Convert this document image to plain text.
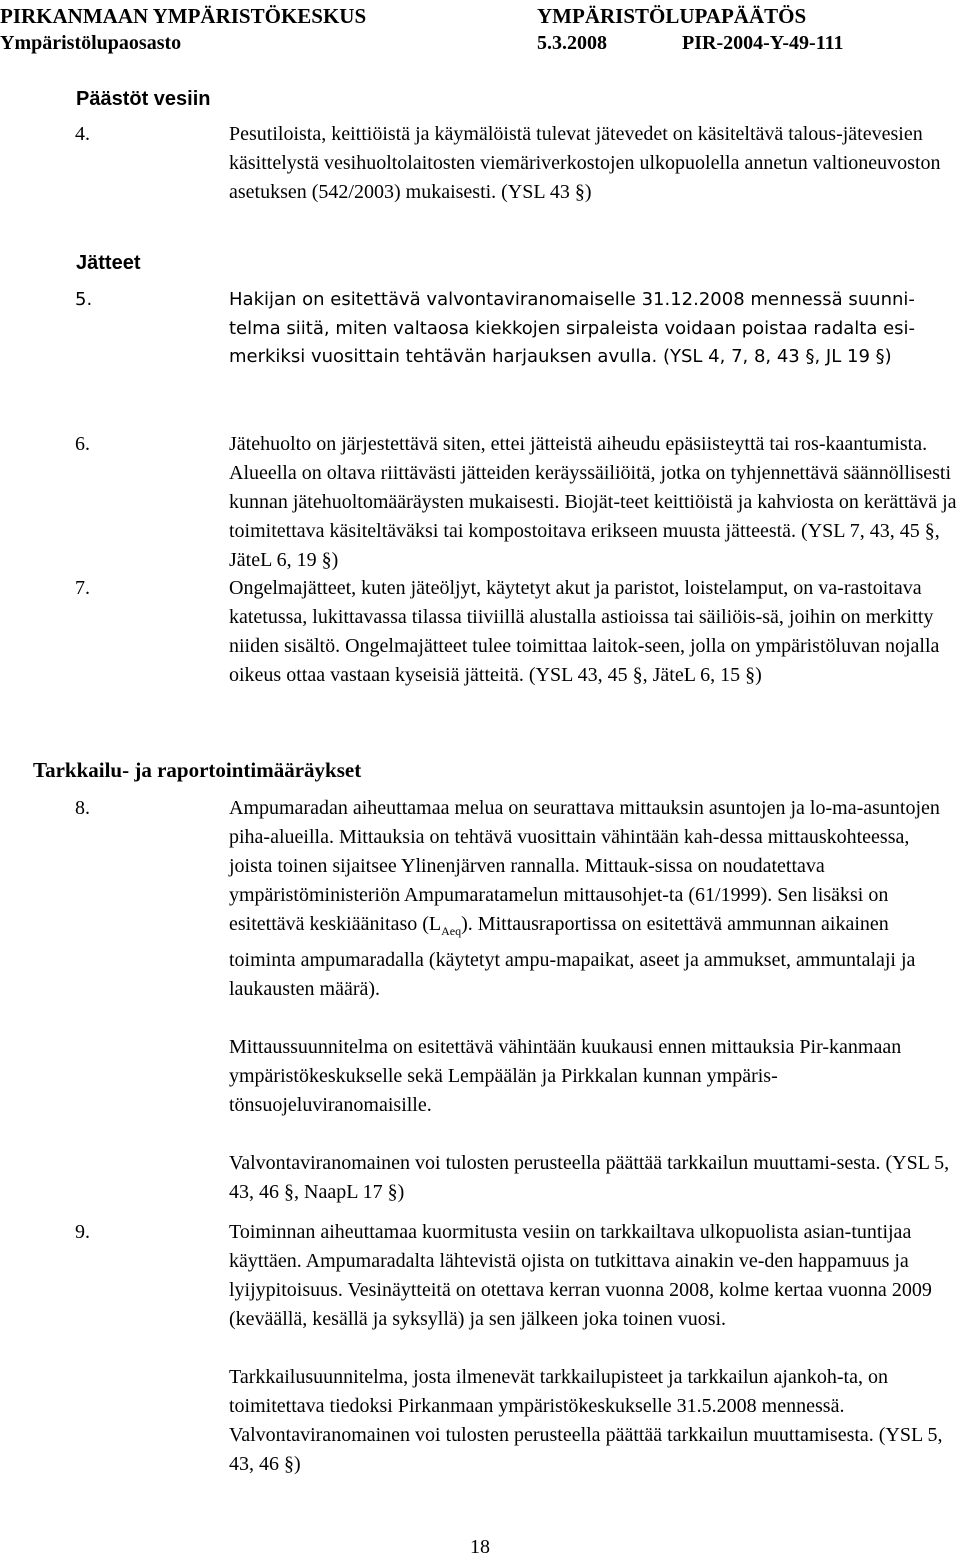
PIRKANMAAN YMPÄRISTÖKESKUS	YMPÄRISTÖLUPAPÄÄTÖS
Ympäristölupaosasto	5.3.2008	PIR-2004-Y-49-111
Päästöt vesiin
4.	Pesutiloista, keittiöistä ja käymälöistä tulevat jätevedet on käsiteltävä talous-jätevesien käsittelystä vesihuoltolaitosten viemäriverkostojen ulkopuolella annetun valtioneuvoston asetuksen (542/2003) mukaisesti. (YSL 43 §)

Jätteet
5.	Hakijan on esitettävä valvontaviranomaiselle 31.12.2008 mennessä suunni-telma siitä, miten valtaosa kiekkojen sirpaleista voidaan poistaa radalta esi-merkiksi vuosittain tehtävän harjauksen avulla. (YSL 4, 7, 8, 43 §, JL 19 §)

6.	Jätehuolto on järjestettävä siten, ettei jätteistä aiheudu epäsiisteyttä tai ros-kaantumista. Alueella on oltava riittävästi jätteiden keräyssäiliöitä, jotka on tyhjennettävä säännöllisesti kunnan jätehuoltomääräysten mukaisesti. Biojät-teet keittiöistä ja kahviosta on kerättävä ja toimitettava käsiteltäväksi tai kompostoitava erikseen muusta jätteestä. (YSL 7, 43, 45 §, JäteL 6, 19 §)

7.	Ongelmajätteet, kuten jäteöljyt, käytetyt akut ja paristot, loistelamput, on va-rastoitava katetussa, lukittavassa tilassa tiiviillä alustalla astioissa tai säiliöis-sä, joihin on merkitty niiden sisältö. Ongelmajätteet tulee toimittaa laitok-seen, jolla on ympäristöluvan nojalla oikeus ottaa vastaan kyseisiä jätteitä. (YSL 43, 45 §, JäteL 6, 15 §)

Tarkkailu- ja raportointimääräykset
8.	Ampumaradan aiheuttamaa melua on seurattava mittauksin asuntojen ja lo-ma-asuntojen piha-alueilla. Mittauksia on tehtävä vuosittain vähintään kah-dessa mittauskohteessa, joista toinen sijaitsee Ylinenjärven rannalla. Mittauk-sissa on noudatettava ympäristöministeriön Ampumaratamelun mittausohjet-ta (61/1999). Sen lisäksi on esitettävä keskiäänitaso $(L_{Aeq})$. Mittausraportissa on esitettävä ammunnan aikainen toiminta ampumaradalla (käytetyt ampu-mapaikat, aseet ja ammukset, ammuntalaji ja laukausten määrä).

Mittaussuunnitelma on esitettävä vähintään kuukausi ennen mittauksia Pir-kanmaan ympäristökeskukselle sekä Lempäälän ja Pirkkalan kunnan ympäris-tönsuojeluviranomaisille.

Valvontaviranomainen voi tulosten perusteella päättää tarkkailun muuttami-sesta. (YSL 5, 43, 46 §, NaapL 17 §)

9.	Toiminnan aiheuttamaa kuormitusta vesiin on tarkkailtava ulkopuolista asian-tuntijaa käyttäen. Ampumaradalta lähtevistä ojista on tutkittava ainakin ve-den happamuus ja lyijypitoisuus. Vesinäytteitä on otettava kerran vuonna 2008, kolme kertaa vuonna 2009 (keväällä, kesällä ja syksyllä) ja sen jälkeen joka toinen vuosi.

Tarkkailusuunnitelma, josta ilmenevät tarkkailupisteet ja tarkkailun ajankoh-ta, on toimitettava tiedoksi Pirkanmaan ympäristökeskukselle 31.5.2008 mennessä. Valvontaviranomainen voi tulosten perusteella päättää tarkkailun muuttamisesta. (YSL 5, 43, 46 §)

18
